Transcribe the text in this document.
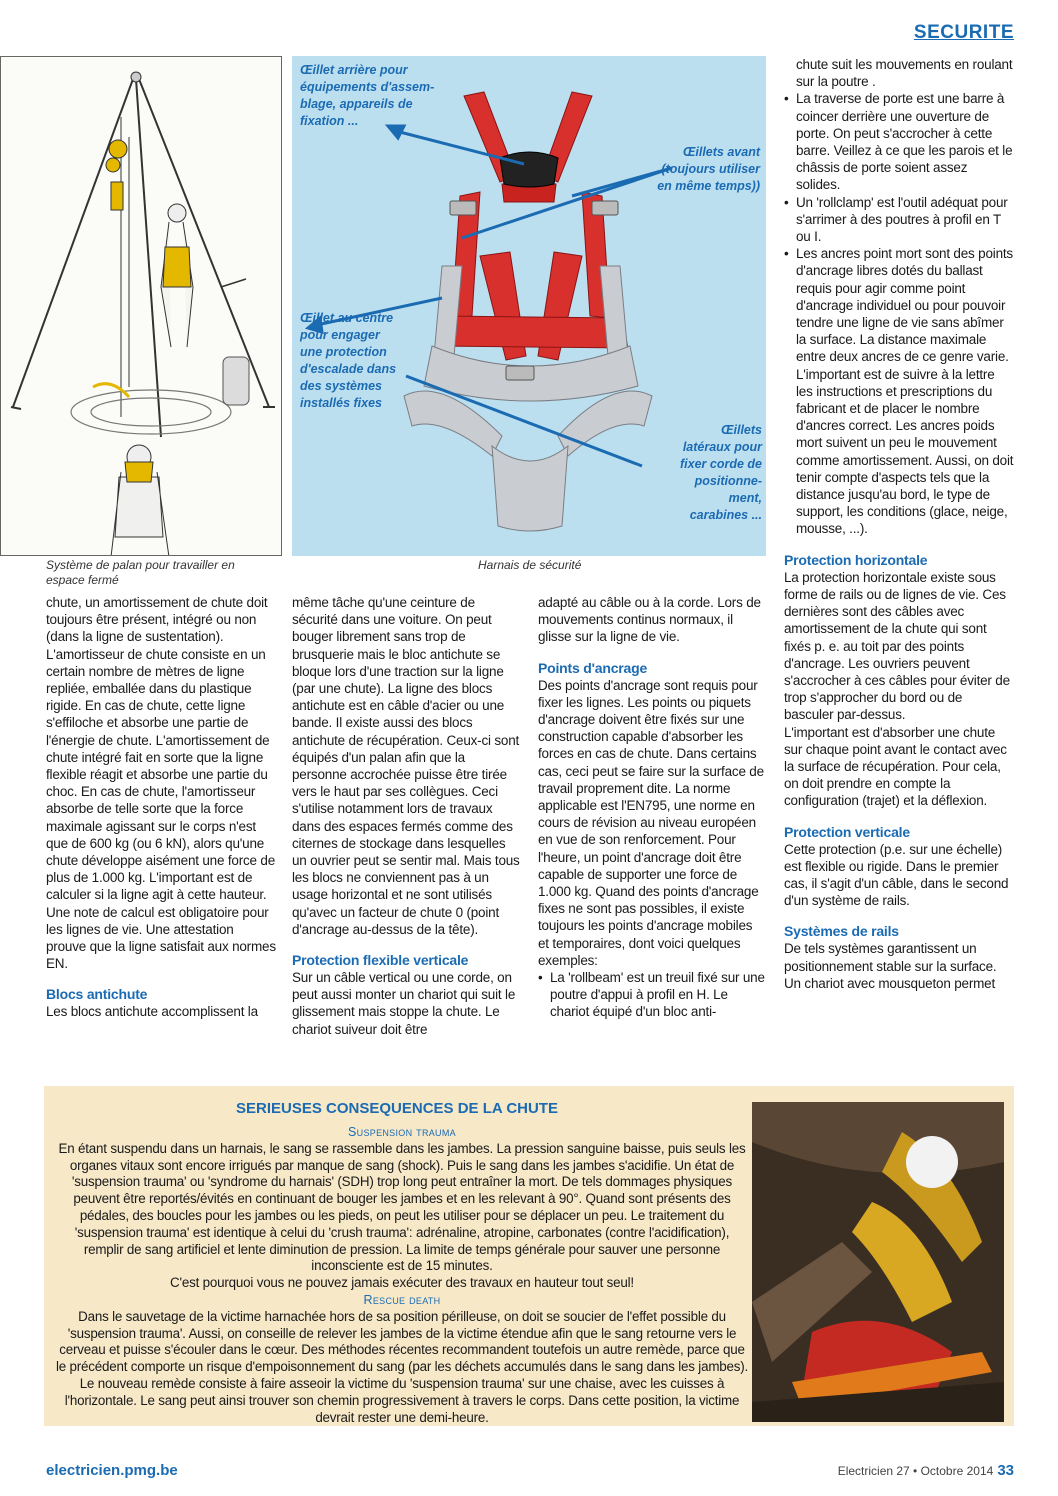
SECURITE
Système de palan pour travailler en espace fermé
Œillet arrière pour équipements d'assem-blage, appareils de fixation ...
Œillets avant (toujours utiliser en même temps))
Œillet au centre pour engager une protection d'escalade dans des systèmes installés fixes
Œillets latéraux pour fixer corde de positionne-ment, carabines ...
Harnais de sécurité

chute, un amortissement de chute doit toujours être présent, intégré ou non (dans la ligne de sustentation). L'amortisseur de chute consiste en un certain nombre de mètres de ligne repliée, emballée dans du plastique rigide. En cas de chute, cette ligne s'effiloche et absorbe une partie de l'énergie de chute. L'amortissement de chute intégré fait en sorte que la ligne flexible réagit et absorbe une partie du choc. En cas de chute, l'amortisseur absorbe de telle sorte que la force maximale agissant sur le corps n'est que de 600 kg (ou 6 kN), alors qu'une chute développe aisément une force de plus de 1.000 kg. L'important est de calculer si la ligne agit à cette hauteur. Une note de calcul est obligatoire pour les lignes de vie. Une attestation prouve que la ligne satisfait aux normes EN.

Blocs antichute

Les blocs antichute accomplissent la

même tâche qu'une ceinture de sécurité dans une voiture. On peut bouger librement sans trop de brusquerie mais le bloc antichute se bloque lors d'une traction sur la ligne (par une chute). La ligne des blocs antichute est en câble d'acier ou une bande. Il existe aussi des blocs antichute de récupération. Ceux-ci sont équipés d'un palan afin que la personne accrochée puisse être tirée vers le haut par ses collègues. Ceci s'utilise notamment lors de travaux dans des espaces fermés comme des citernes de stockage dans lesquelles un ouvrier peut se sentir mal. Mais tous les blocs ne conviennent pas à un usage horizontal et ne sont utilisés qu'avec un facteur de chute 0 (point d'ancrage au-dessus de la tête).

Protection flexible verticale

Sur un câble vertical ou une corde, on peut aussi monter un chariot qui suit le glissement mais stoppe la chute. Le chariot suiveur doit être

adapté au câble ou à la corde. Lors de mouvements continus normaux, il glisse sur la ligne de vie.

Points d'ancrage

Des points d'ancrage sont requis pour fixer les lignes. Les points ou piquets d'ancrage doivent être fixés sur une construction capable d'absorber les forces en cas de chute. Dans certains cas, ceci peut se faire sur la surface de travail proprement dite. La norme applicable est l'EN795, une norme en cours de révision au niveau européen en vue de son renforcement. Pour l'heure, un point d'ancrage doit être capable de supporter une force de 1.000 kg. Quand des points d'ancrage fixes ne sont pas possibles, il existe toujours les points d'ancrage mobiles et temporaires, dont voici quelques exemples:

• La 'rollbeam' est un treuil fixé sur une poutre d'appui à profil en H. Le chariot équipé d'un bloc anti-

chute suit les mouvements en roulant sur la poutre .

• La traverse de porte est une barre à coincer derrière une ouverture de porte. On peut s'accrocher à cette barre. Veillez à ce que les parois et le châssis de porte soient assez solides.
• Un 'rollclamp' est l'outil adéquat pour s'arrimer à des poutres à profil en T ou I.
• Les ancres point mort sont des points d'ancrage libres dotés du ballast requis pour agir comme point d'ancrage individuel ou pour pouvoir tendre une ligne de vie sans abîmer la surface. La distance maximale entre deux ancres de ce genre varie. L'important est de suivre à la lettre les instructions et prescriptions du fabricant et de placer le nombre d'ancres correct. Les ancres poids mort suivent un peu le mouvement comme amortissement. Aussi, on doit tenir compte d'aspects tels que la distance jusqu'au bord, le type de support, les conditions (glace, neige, mousse, ...).
Protection horizontale

La protection horizontale existe sous forme de rails ou de lignes de vie. Ces dernières sont des câbles avec amortissement de la chute qui sont fixés p. e. au toit par des points d'ancrage. Les ouvriers peuvent s'accrocher à ces câbles pour éviter de trop s'approcher du bord ou de basculer par-dessus.

L'important est d'absorber une chute sur chaque point avant le contact avec la surface de récupération. Pour cela, on doit prendre en compte la configuration (trajet) et la déflexion.

Protection verticale

Cette protection (p.e. sur une échelle) est flexible ou rigide. Dans le premier cas, il s'agit d'un câble, dans le second d'un système de rails.

Systèmes de rails

De tels systèmes garantissent un positionnement stable sur la surface. Un chariot avec mousqueton permet

SERIEUSES CONSEQUENCES DE LA CHUTE
Suspension trauma

En étant suspendu dans un harnais, le sang se rassemble dans les jambes. La pression sanguine baisse, puis seuls les organes vitaux sont encore irrigués par manque de sang (shock). Puis le sang dans les jambes s'acidifie. Un état de 'suspension trauma' ou 'syndrome du harnais' (SDH) trop long peut entraîner la mort. De tels dommages physiques peuvent être reportés/évités en continuant de bouger les jambes et en les relevant à 90°. Quand sont présents des pédales, des boucles pour les jambes ou les pieds, on peut les utiliser pour se déplacer un peu. Le traitement du 'suspension trauma' est identique à celui du 'crush trauma': adrénaline, atropine, carbonates (contre l'acidification), remplir de sang artificiel et lente diminution de pression. La limite de temps générale pour sauver une personne inconsciente est de 15 minutes.

C'est pourquoi vous ne pouvez jamais exécuter des travaux en hauteur tout seul!

Rescue death

Dans le sauvetage de la victime harnachée hors de sa position périlleuse, on doit se soucier de l'effet possible du 'suspension trauma'. Aussi, on conseille de relever les jambes de la victime étendue afin que le sang retourne vers le cerveau et puisse s'écouler dans le cœur. Des méthodes récentes recommandent toutefois un autre remède, parce que le précédent comporte un risque d'empoisonnement du sang (par les déchets accumulés dans le sang dans les jambes). Le nouveau remède consiste à faire asseoir la victime du 'suspension trauma' sur une chaise, avec les cuisses à l'horizontale. Le sang peut ainsi trouver son chemin progressivement à travers le corps. Dans cette position, la victime devrait rester une demi-heure.

electricien.pmg.be	Electricien 27 • Octobre 2014 33
